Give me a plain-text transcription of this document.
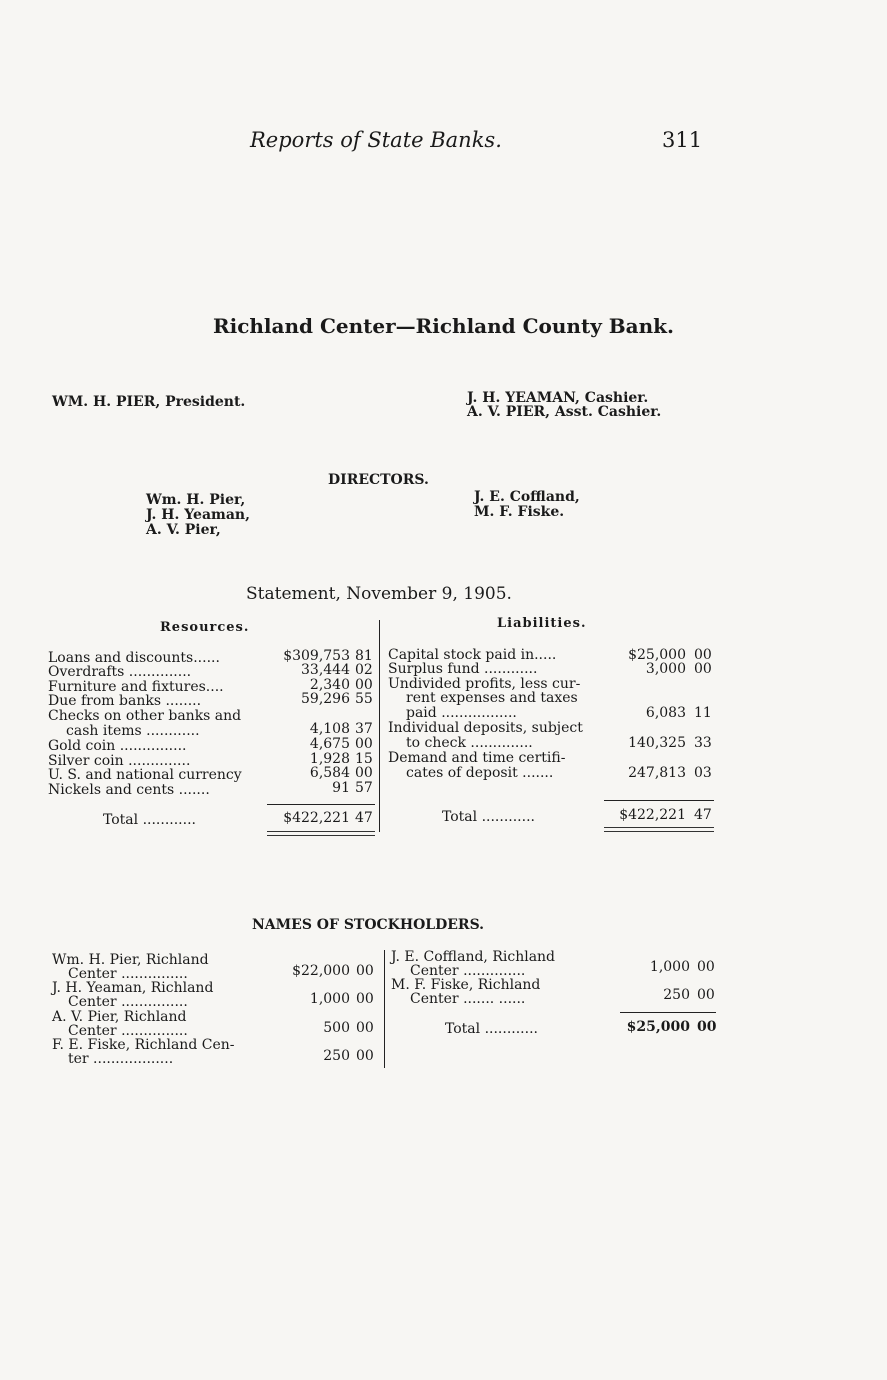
Reports of State Banks.	311
Richland Center—Richland County Bank.
WM. H. PIER, President.	J. H. YEAMAN, Cashier.
A. V. PIER, Asst. Cashier.
DIRECTORS.
Wm. H. Pier,
J. H. Yeaman,
A. V. Pier,
J. E. Coffland,
M. F. Fiske.
Statement, November 9, 1905.
Resources.	Liabilities.
Loans and discounts......	$309,753 81
Overdrafts ..............	33,444 02
Furniture and fixtures....	2,340 00
Due from banks ........	59,296 55
Checks on other banks and
cash items ............	4,108 37
Gold coin ...............	4,675 00
Silver coin ..............	1,928 15
U. S. and national currency	6,584 00
Nickels and cents .......	91 57
Capital stock paid in.....	$25,000 00
Surplus fund ............	3,000 00
Undivided profits, less cur-
rent expenses and taxes
paid .................	6,083 11
Individual deposits, subject
to check ..............	140,325 33
Demand and time certifi-
cates of deposit .......	247,813 03
Total ............	$422,221 47	Total ............	$422,221 47
NAMES OF STOCKHOLDERS.
Wm. H. Pier, Richland
Center ...............	$22,000 00
J. H. Yeaman, Richland
Center ...............	1,000 00
A. V. Pier, Richland
Center ...............	500 00
F. E. Fiske, Richland Cen-
ter ..................	250 00
J. E. Coffland, Richland
Center ..............	1,000 00
M. F. Fiske, Richland
Center ....... ......	250 00
Total ............	$25,000 00
